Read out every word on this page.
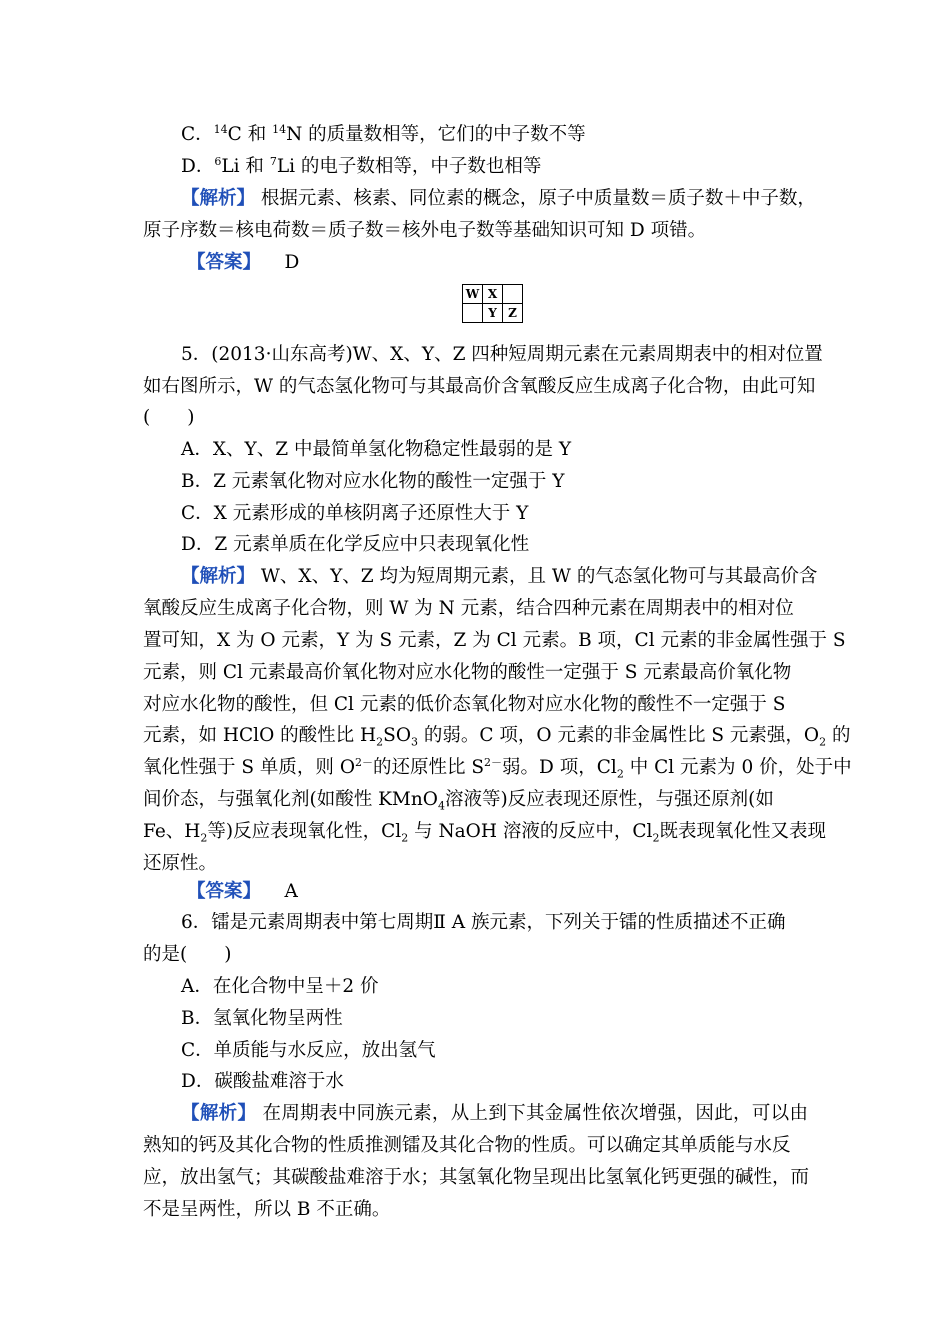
C．$^{14}$C 和 $^{14}$N 的质量数相等，它们的中子数不等
D．$^6$Li 和 $^7$Li 的电子数相等，中子数也相等
【解析】 根据元素、核素、同位素的概念，原子中质量数＝质子数＋中子数，
原子序数＝核电荷数＝质子数＝核外电子数等基础知识可知 D 项错。
【答案】 D
W	X	
	Y	Z
5．(2013·山东高考)W、X、Y、Z 四种短周期元素在元素周期表中的相对位置
如右图所示，W 的气态氢化物可与其最高价含氧酸反应生成离子化合物，由此可知
(　　)
A．X、Y、Z 中最简单氢化物稳定性最弱的是 Y
B．Z 元素氧化物对应水化物的酸性一定强于 Y
C．X 元素形成的单核阴离子还原性大于 Y
D．Z 元素单质在化学反应中只表现氧化性
【解析】 W、X、Y、Z 均为短周期元素，且 W 的气态氢化物可与其最高价含
氧酸反应生成离子化合物，则 W 为 N 元素，结合四种元素在周期表中的相对位
置可知，X 为 O 元素，Y 为 S 元素，Z 为 Cl 元素。B 项，Cl 元素的非金属性强于 S
元素，则 Cl 元素最高价氧化物对应水化物的酸性一定强于 S 元素最高价氧化物
对应水化物的酸性，但 Cl 元素的低价态氧化物对应水化物的酸性不一定强于 S
元素，如 HClO 的酸性比 $H_2SO_3$ 的弱。C 项，O 元素的非金属性比 S 元素强，$O_2$ 的
氧化性强于 S 单质，则 $O^{2-}$的还原性比 $S^{2-}$弱。D 项，$Cl_2$ 中 Cl 元素为 0 价，处于中
间价态，与强氧化剂(如酸性 KMnO$_4$溶液等)反应表现还原性，与强还原剂(如
Fe、$H_2$等)反应表现氧化性，$Cl_2$ 与 NaOH 溶液的反应中，$Cl_2$既表现氧化性又表现
还原性。
【答案】 A
6．镭是元素周期表中第七周期Ⅱ A 族元素，下列关于镭的性质描述不正确
的是(　　)
A．在化合物中呈＋2 价
B．氢氧化物呈两性
C．单质能与水反应，放出氢气
D．碳酸盐难溶于水
【解析】 在周期表中同族元素，从上到下其金属性依次增强，因此，可以由
熟知的钙及其化合物的性质推测镭及其化合物的性质。可以确定其单质能与水反
应，放出氢气；其碳酸盐难溶于水；其氢氧化物呈现出比氢氧化钙更强的碱性，而
不是呈两性，所以 B 不正确。
